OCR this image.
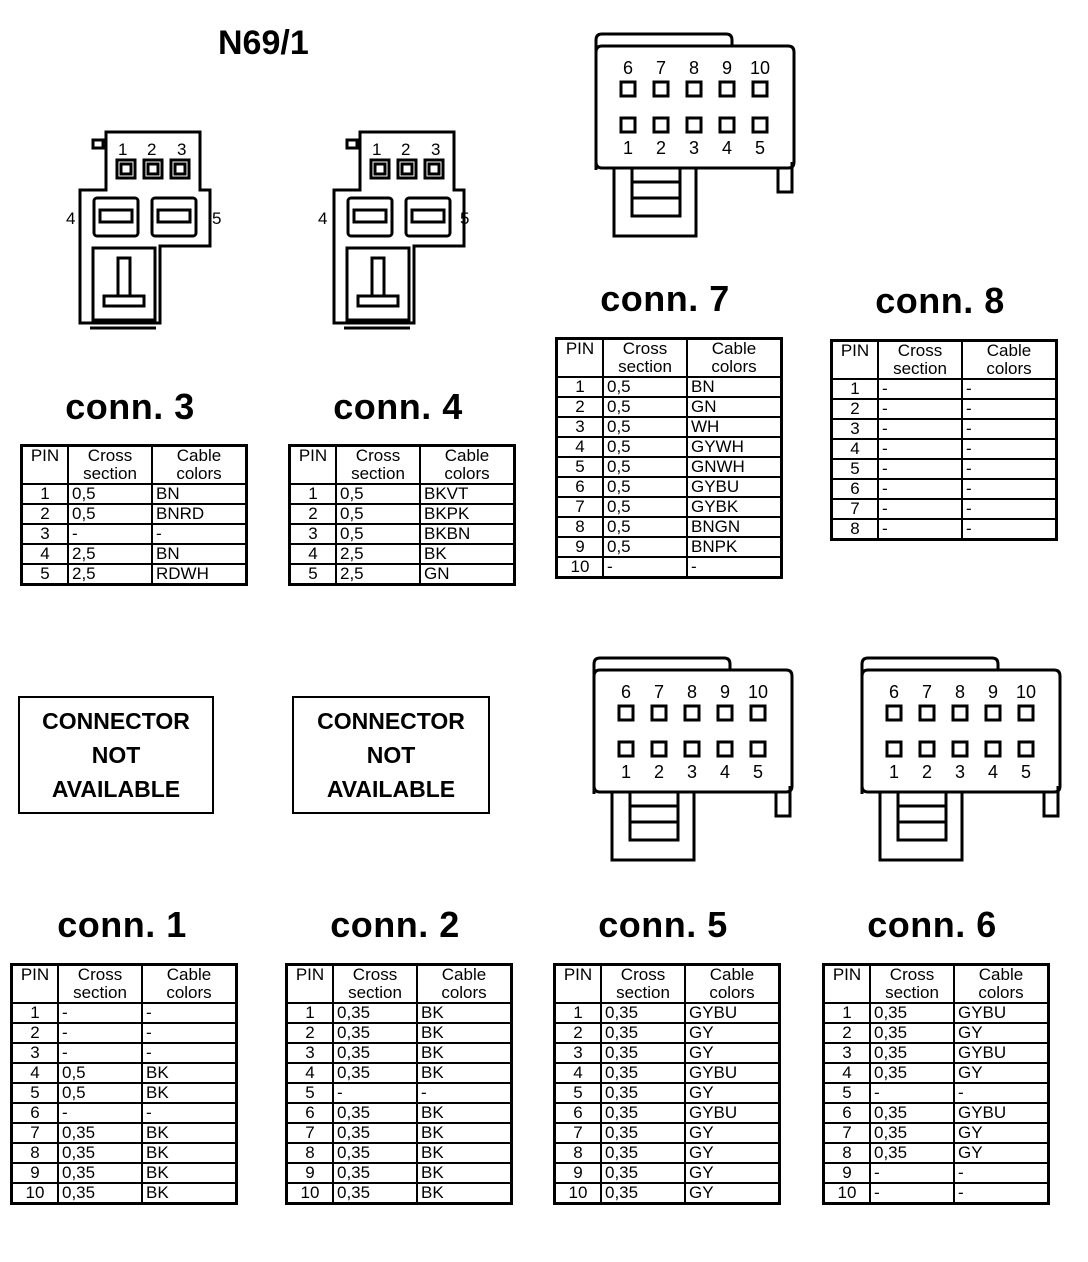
N69/1
1 2 3
4	5
1 2 3
4	5
6
1
7
2
8
3
9
4
10
5
6
1
7
2
8
3
9
4
10
5
6
1
7
2
8
3
9
4
10
5
conn. 3	conn. 4
conn. 7	conn. 8
conn. 1	conn. 2	conn. 5	conn. 6
PIN	Cross section	Cable colors
1	0,5	BN
2	0,5	BNRD
3	-	-
4	2,5	BN
5	2,5	RDWH
PIN	Cross section	Cable colors
1	0,5	BKVT
2	0,5	BKPK
3	0,5	BKBN
4	2,5	BK
5	2,5	GN
PIN	Cross section	Cable colors
1	0,5	BN
2	0,5	GN
3	0,5	WH
4	0,5	GYWH
5	0,5	GNWH
6	0,5	GYBU
7	0,5	GYBK
8	0,5	BNGN
9	0,5	BNPK
10	-	-
PIN	Cross section	Cable colors
1	-	-
2	-	-
3	-	-
4	-	-
5	-	-
6	-	-
7	-	-
8	-	-
PIN	Cross section	Cable colors
1	-	-
2	-	-
3	-	-
4	0,5	BK
5	0,5	BK
6	-	-
7	0,35	BK
8	0,35	BK
9	0,35	BK
10	0,35	BK
PIN	Cross section	Cable colors
1	0,35	BK
2	0,35	BK
3	0,35	BK
4	0,35	BK
5	-	-
6	0,35	BK
7	0,35	BK
8	0,35	BK
9	0,35	BK
10	0,35	BK
PIN	Cross section	Cable colors
1	0,35	GYBU
2	0,35	GY
3	0,35	GY
4	0,35	GYBU
5	0,35	GY
6	0,35	GYBU
7	0,35	GY
8	0,35	GY
9	0,35	GY
10	0,35	GY
PIN	Cross section	Cable colors
1	0,35	GYBU
2	0,35	GY
3	0,35	GYBU
4	0,35	GY
5	-	-
6	0,35	GYBU
7	0,35	GY
8	0,35	GY
9	-	-
10	-	-
CONNECTOR
NOT
AVAILABLE
CONNECTOR
NOT
AVAILABLE
